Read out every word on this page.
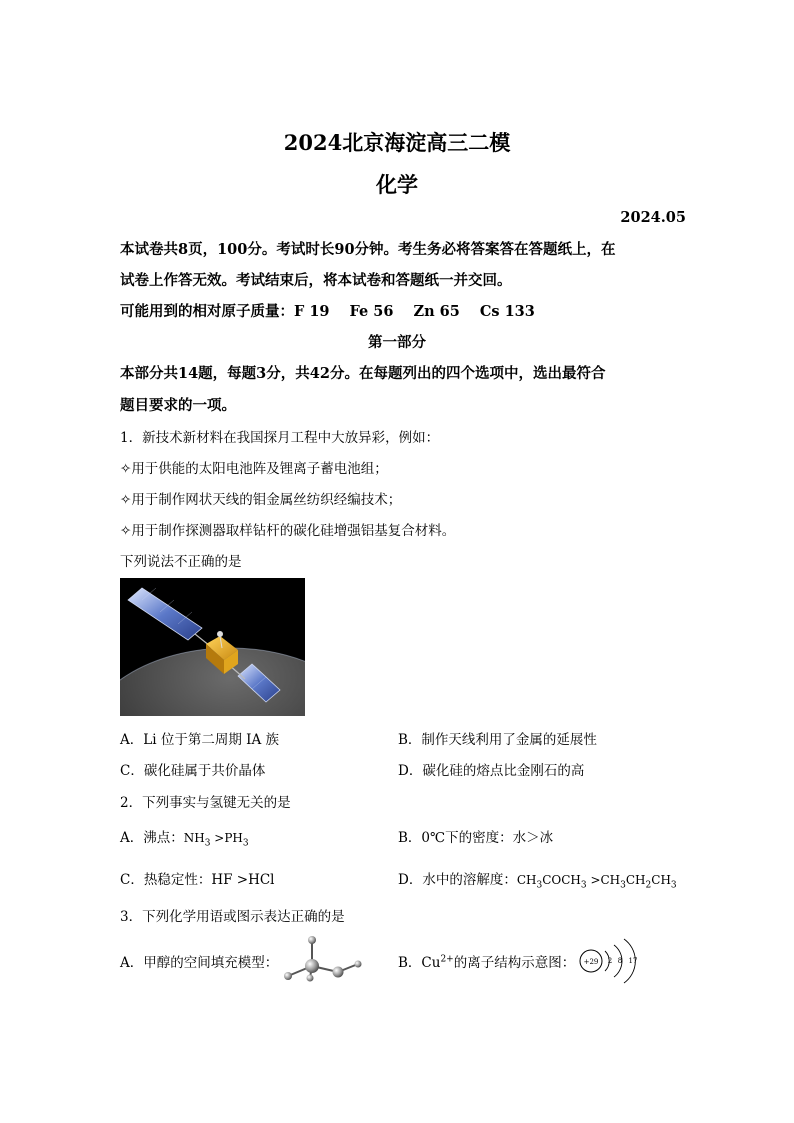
2024北京海淀高三二模
化学
2024.05
本试卷共8页，100分。考试时长90分钟。考生务必将答案答在答题纸上，在
试卷上作答无效。考试结束后，将本试卷和答题纸一并交回。
可能用到的相对原子质量：F 19 Fe 56 Zn 65 Cs 133
第一部分
本部分共14题，每题3分，共42分。在每题列出的四个选项中，选出最符合
题目要求的一项。
1．新技术新材料在我国探月工程中大放异彩，例如：
✧用于供能的太阳电池阵及锂离子蓄电池组；
✧用于制作网状天线的钼金属丝纺织经编技术；
✧用于制作探测器取样钻杆的碳化硅增强铝基复合材料。
下列说法不正确的是
A．Li 位于第二周期 IA 族	B．制作天线利用了金属的延展性
C．碳化硅属于共价晶体	D．碳化硅的熔点比金刚石的高
2．下列事实与氢键无关的是
A．沸点：$NH_3 >PH_3$	B．0℃下的密度：水＞冰
C．热稳定性：HF >HCl	D．水中的溶解度：$CH_3COCH_3 >CH_3CH_2CH_3$
3．下列化学用语或图示表达正确的是
A．甲醇的空间填充模型：	B．$Cu^{2+}$的离子结构示意图： +29 2 8 17
